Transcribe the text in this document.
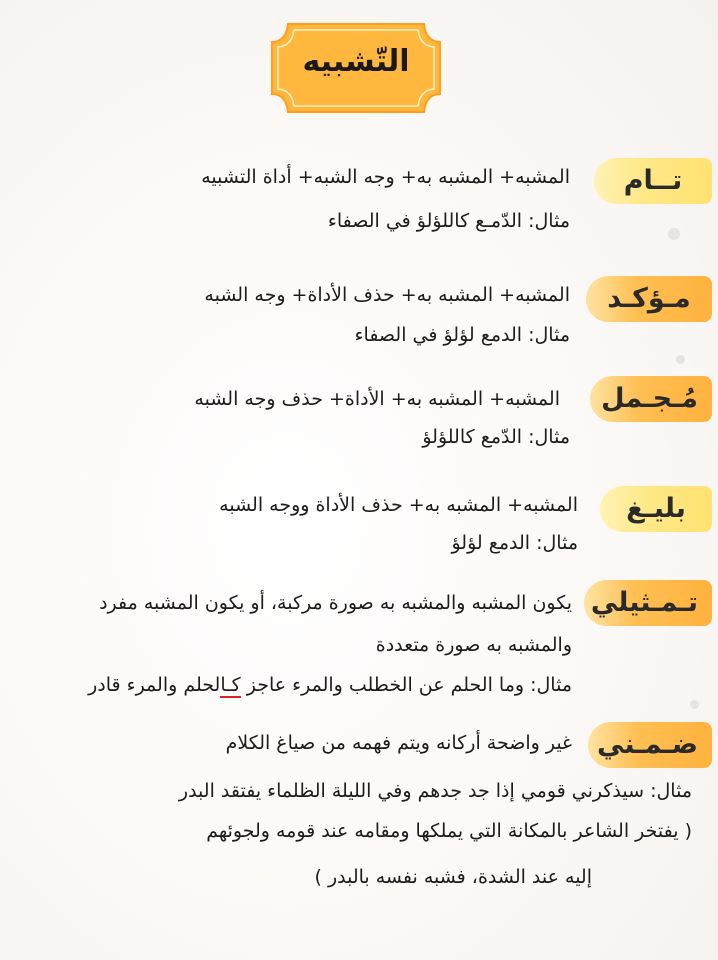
التّشبيه
تــام
المشبه+ المشبه به+ وجه الشبه+ أداة التشبيه
مثال: الدّمـع كاللؤلؤ في الصفاء
مـؤكـد
المشبه+ المشبه به+ حذف الأداة+ وجه الشبه
مثال: الدمع لؤلؤ في الصفاء
مُـجـمل
المشبه+ المشبه به+ الأداة+ حذف وجه الشبه
مثال: الدّمع كاللؤلؤ
بليـغ
المشبه+ المشبه به+ حذف الأداة ووجه الشبه
مثال: الدمع لؤلؤ
تـمـثيلي
يكون المشبه والمشبه به صورة مركبة، أو يكون المشبه مفرد
والمشبه به صورة متعددة
مثال: وما الحلم عن الخطلب والمرء عاجز كـالحلم والمرء قادر
ضـمـني
غير واضحة أركانه ويتم فهمه من صياغ الكلام
مثال: سيذكرني قومي إذا جد جدهم وفي الليلة الظلماء يفتقد البدر
( يفتخر الشاعر بالمكانة التي يملكها ومقامه عند قومه ولجوئهم
إليه عند الشدة، فشبه نفسه بالبدر )
